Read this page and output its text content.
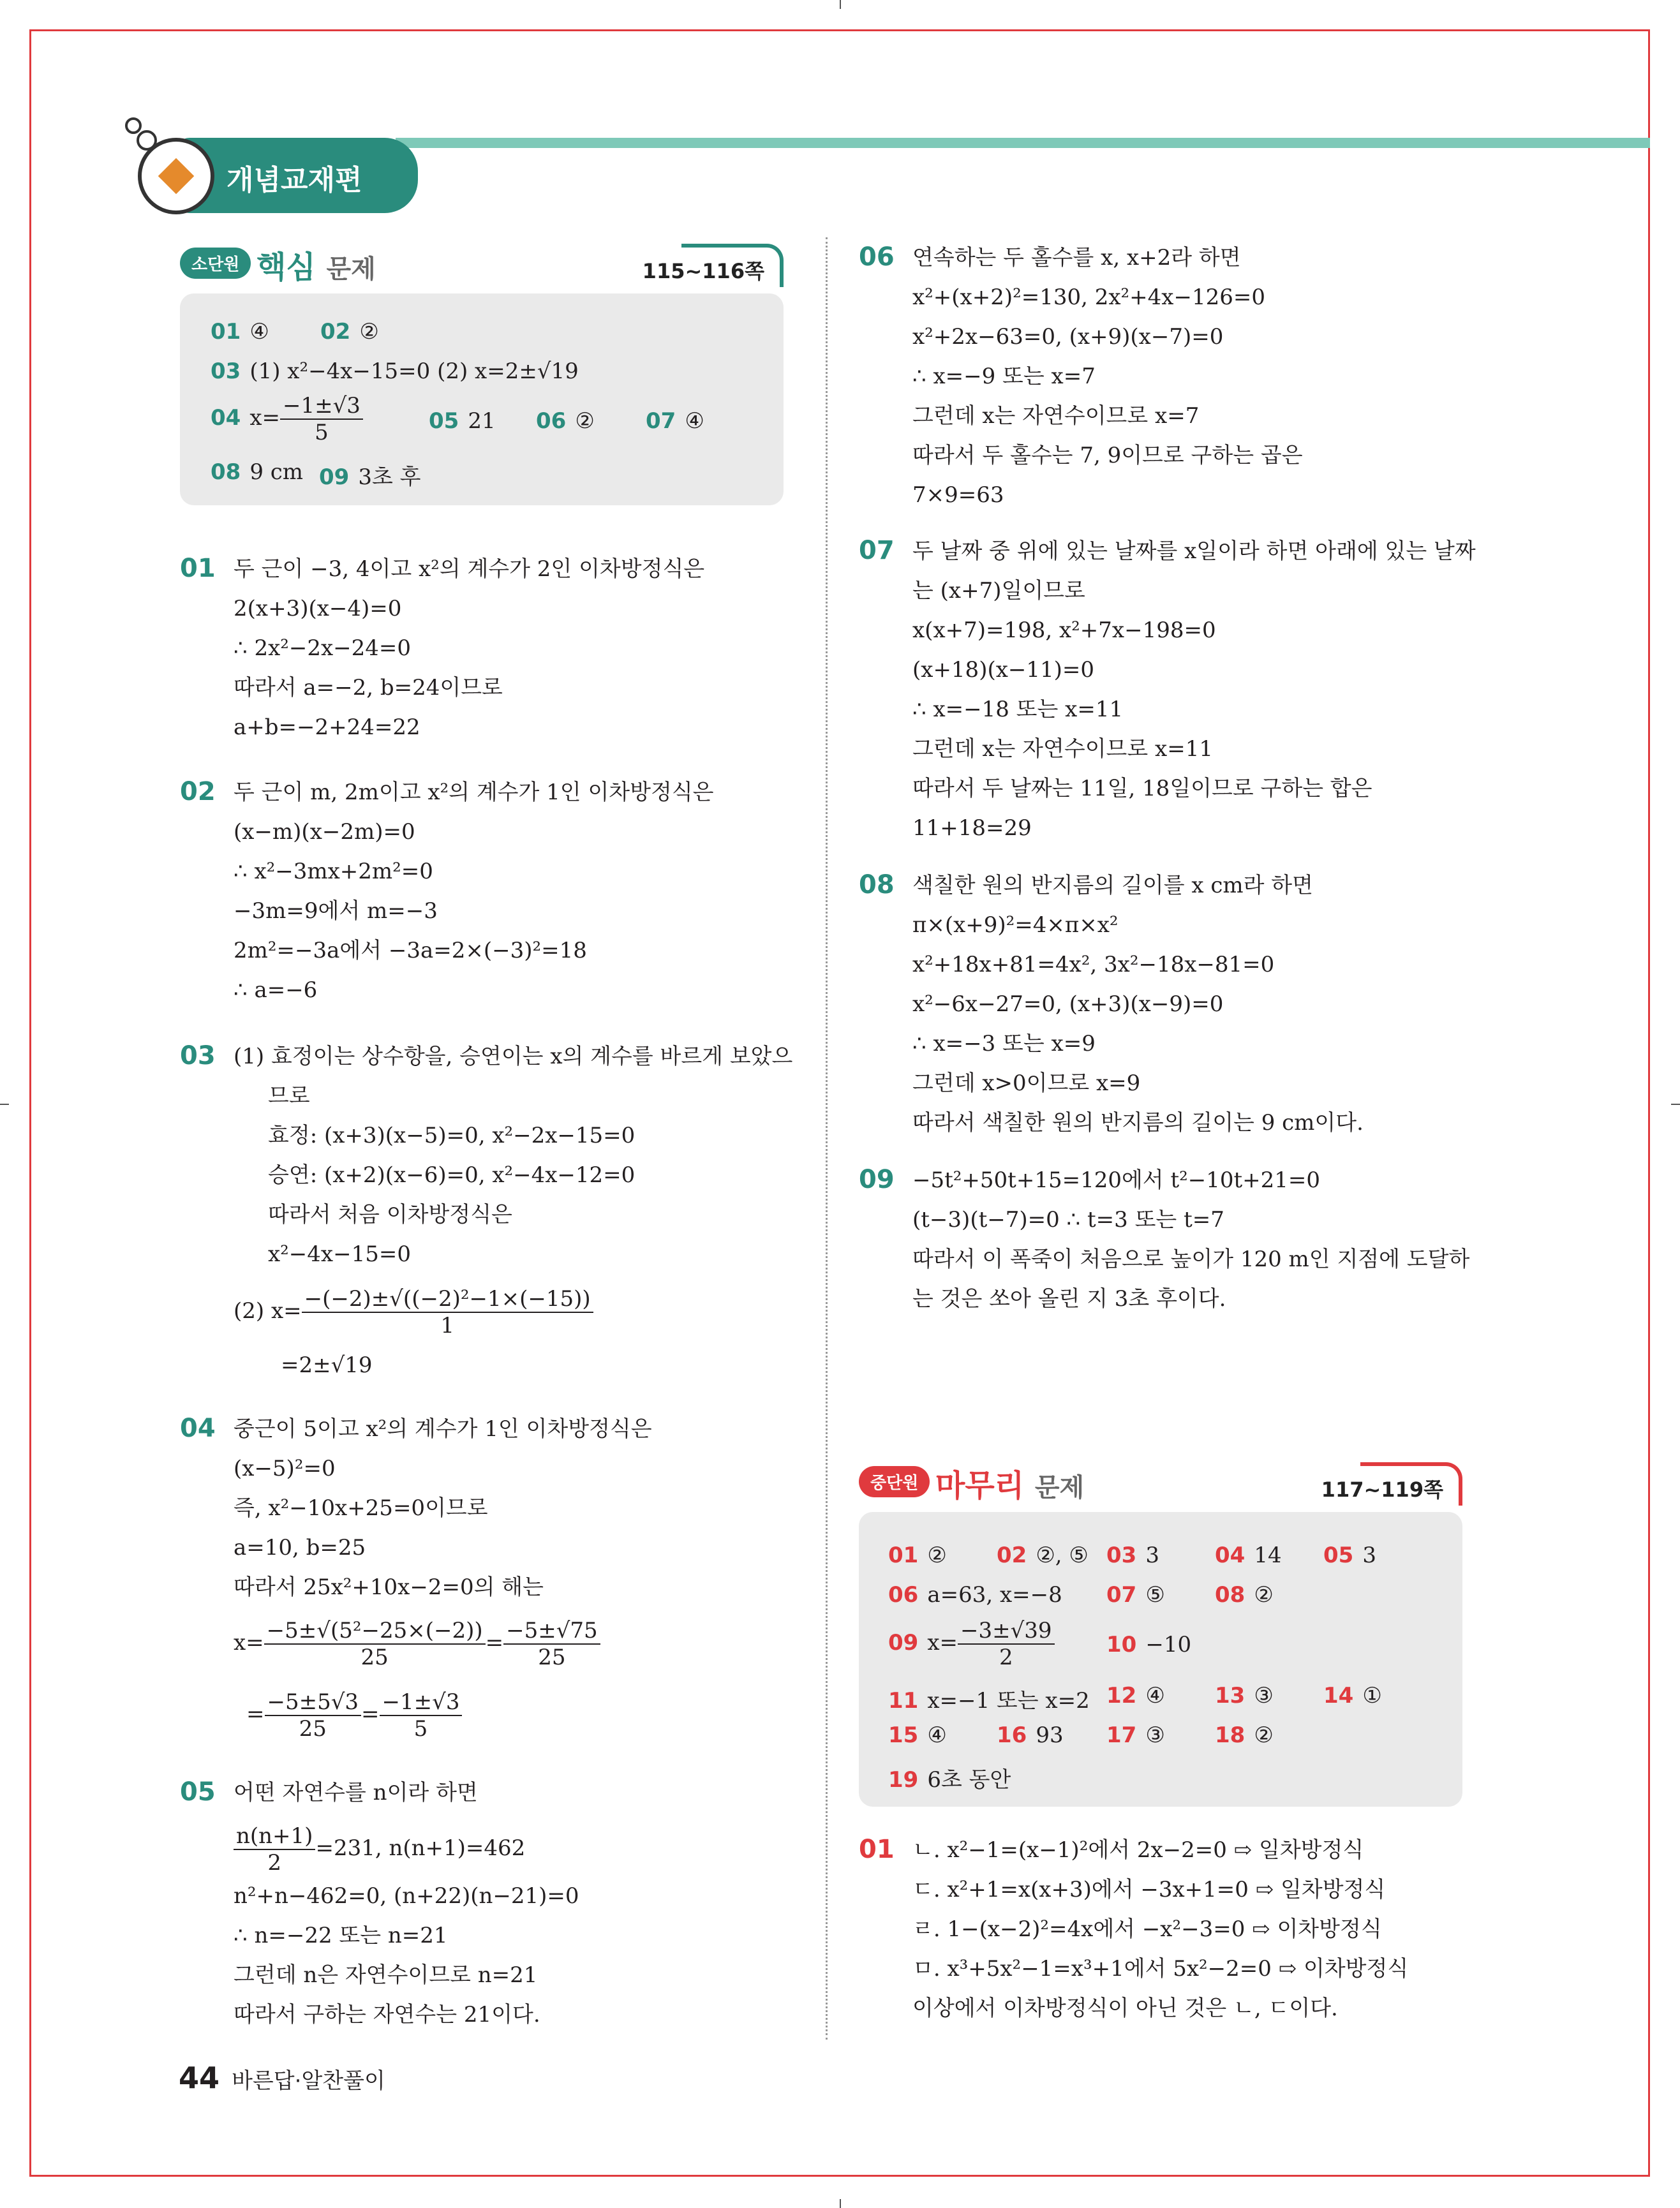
개념교재편
소단원 핵심 문제	115~116쪽
01 ④ 02 ②
03 (1) x²−4x−15=0 (2) x=2±√19
04 $x= \frac{-1\pm√3}{5}$	05 21 06 ② 07 ④
08 9 cm 09 3초 후
01 두 근이 −3, 4이고 x²의 계수가 2인 이차방정식은
2(x+3)(x−4)=0
∴ 2x²−2x−24=0
따라서 a=−2, b=24이므로
a+b=−2+24=22
02 두 근이 m, 2m이고 x²의 계수가 1인 이차방정식은
(x−m)(x−2m)=0
∴ x²−3mx+2m²=0
−3m=9에서 m=−3
2m²=−3a에서 −3a=2×(−3)²=18
∴ a=−6
03 (1) 효정이는 상수항을, 승연이는 x의 계수를 바르게 보았으
므로
효정: (x+3)(x−5)=0, x²−2x−15=0
승연: (x+2)(x−6)=0, x²−4x−12=0
따라서 처음 이차방정식은
x²−4x−15=0
(2) $x= \frac{\text{−(−2)±√((−2)²−1×(−15))}}{1}$
=2±√19
04 중근이 5이고 x²의 계수가 1인 이차방정식은
(x−5)²=0
즉, x²−10x+25=0이므로
a=10, b=25
따라서 25x²+10x−2=0의 해는
$x= \frac{\text{−5±√(5²−25×(−2))}}{25} = \frac{-5\pm√75}{25}$
= $\frac{-5\pm 5√3}{25} = \frac{-1\pm√3}{5}$
05 어떤 자연수를 n이라 하면
$\frac{n(n+1)}{2} =231$, n(n+1)=462
n²+n−462=0, (n+22)(n−21)=0
∴ n=−22 또는 n=21
그런데 n은 자연수이므로 n=21
따라서 구하는 자연수는 21이다.
06 연속하는 두 홀수를 x, x+2라 하면
x²+(x+2)²=130, 2x²+4x−126=0
x²+2x−63=0, (x+9)(x−7)=0
∴ x=−9 또는 x=7
그런데 x는 자연수이므로 x=7
따라서 두 홀수는 7, 9이므로 구하는 곱은
7×9=63
07 두 날짜 중 위에 있는 날짜를 x일이라 하면 아래에 있는 날짜
는 (x+7)일이므로
x(x+7)=198, x²+7x−198=0
(x+18)(x−11)=0
∴ x=−18 또는 x=11
그런데 x는 자연수이므로 x=11
따라서 두 날짜는 11일, 18일이므로 구하는 합은
11+18=29
08 색칠한 원의 반지름의 길이를 x cm라 하면
π×(x+9)²=4×π×x²
x²+18x+81=4x², 3x²−18x−81=0
x²−6x−27=0, (x+3)(x−9)=0
∴ x=−3 또는 x=9
그런데 x>0이므로 x=9
따라서 색칠한 원의 반지름의 길이는 9 cm이다.
09 −5t²+50t+15=120에서 t²−10t+21=0
(t−3)(t−7)=0 ∴ t=3 또는 t=7
따라서 이 폭죽이 처음으로 높이가 120 m인 지점에 도달하
는 것은 쏘아 올린 지 3초 후이다.
중단원 마무리 문제	117~119쪽
01 ② 02 ②, ⑤ 03 3	04 14 05 3
06 a=63, x=−8 07 ⑤ 08 ②
09 $x= \frac{-3\pm√39}{2} 10 -10$
11 x=−1 또는 x=2 12 ④ 13 ③ 14 ①
15 ④ 16 93 17 ③ 18 ②
19 6초 동안
01 ㄴ. x²−1=(x−1)²에서 2x−2=0 ⇨ 일차방정식
ㄷ. x²+1=x(x+3)에서 −3x+1=0 ⇨ 일차방정식
ㄹ. 1−(x−2)²=4x에서 −x²−3=0 ⇨ 이차방정식
ㅁ. x³+5x²−1=x³+1에서 5x²−2=0 ⇨ 이차방정식
이상에서 이차방정식이 아닌 것은 ㄴ, ㄷ이다.
44 바른답·알찬풀이
